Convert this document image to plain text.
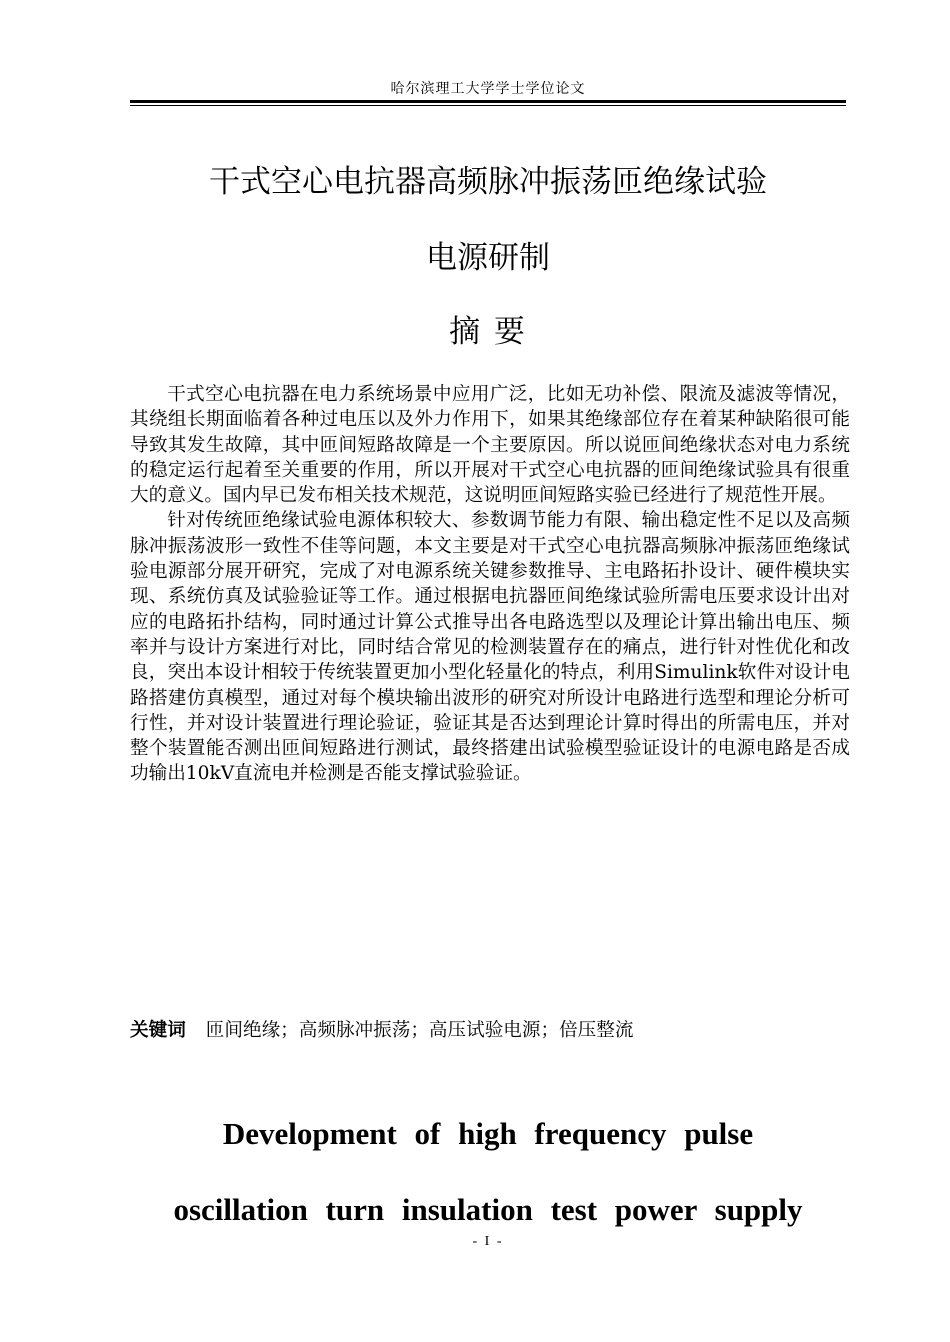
哈尔滨理工大学学士学位论文
干式空心电抗器高频脉冲振荡匝绝缘试验
电源研制
摘 要

干式空心电抗器在电力系统场景中应用广泛，比如无功补偿、限流及滤波等情况，其绕组长期面临着各种过电压以及外力作用下，如果其绝缘部位存在着某种缺陷很可能导致其发生故障，其中匝间短路故障是一个主要原因。所以说匝间绝缘状态对电力系统的稳定运行起着至关重要的作用，所以开展对干式空心电抗器的匝间绝缘试验具有很重大的意义。国内早已发布相关技术规范，这说明匝间短路实验已经进行了规范性开展。

针对传统匝绝缘试验电源体积较大、参数调节能力有限、输出稳定性不足以及高频脉冲振荡波形一致性不佳等问题，本文主要是对干式空心电抗器高频脉冲振荡匝绝缘试验电源部分展开研究，完成了对电源系统关键参数推导、主电路拓扑设计、硬件模块实现、系统仿真及试验验证等工作。通过根据电抗器匝间绝缘试验所需电压要求设计出对应的电路拓扑结构，同时通过计算公式推导出各电路选型以及理论计算出输出电压、频率并与设计方案进行对比，同时结合常见的检测装置存在的痛点，进行针对性优化和改良，突出本设计相较于传统装置更加小型化轻量化的特点，利用Simulink软件对设计电路搭建仿真模型，通过对每个模块输出波形的研究对所设计电路进行选型和理论分析可行性，并对设计装置进行理论验证，验证其是否达到理论计算时得出的所需电压，并对整个装置能否测出匝间短路进行测试，最终搭建出试验模型验证设计的电源电路是否成功输出10kV直流电并检测是否能支撑试验验证。

关键词 匝间绝缘；高频脉冲振荡；高压试验电源；倍压整流
Development of high frequency pulse
oscillation turn insulation test power supply
- I -
